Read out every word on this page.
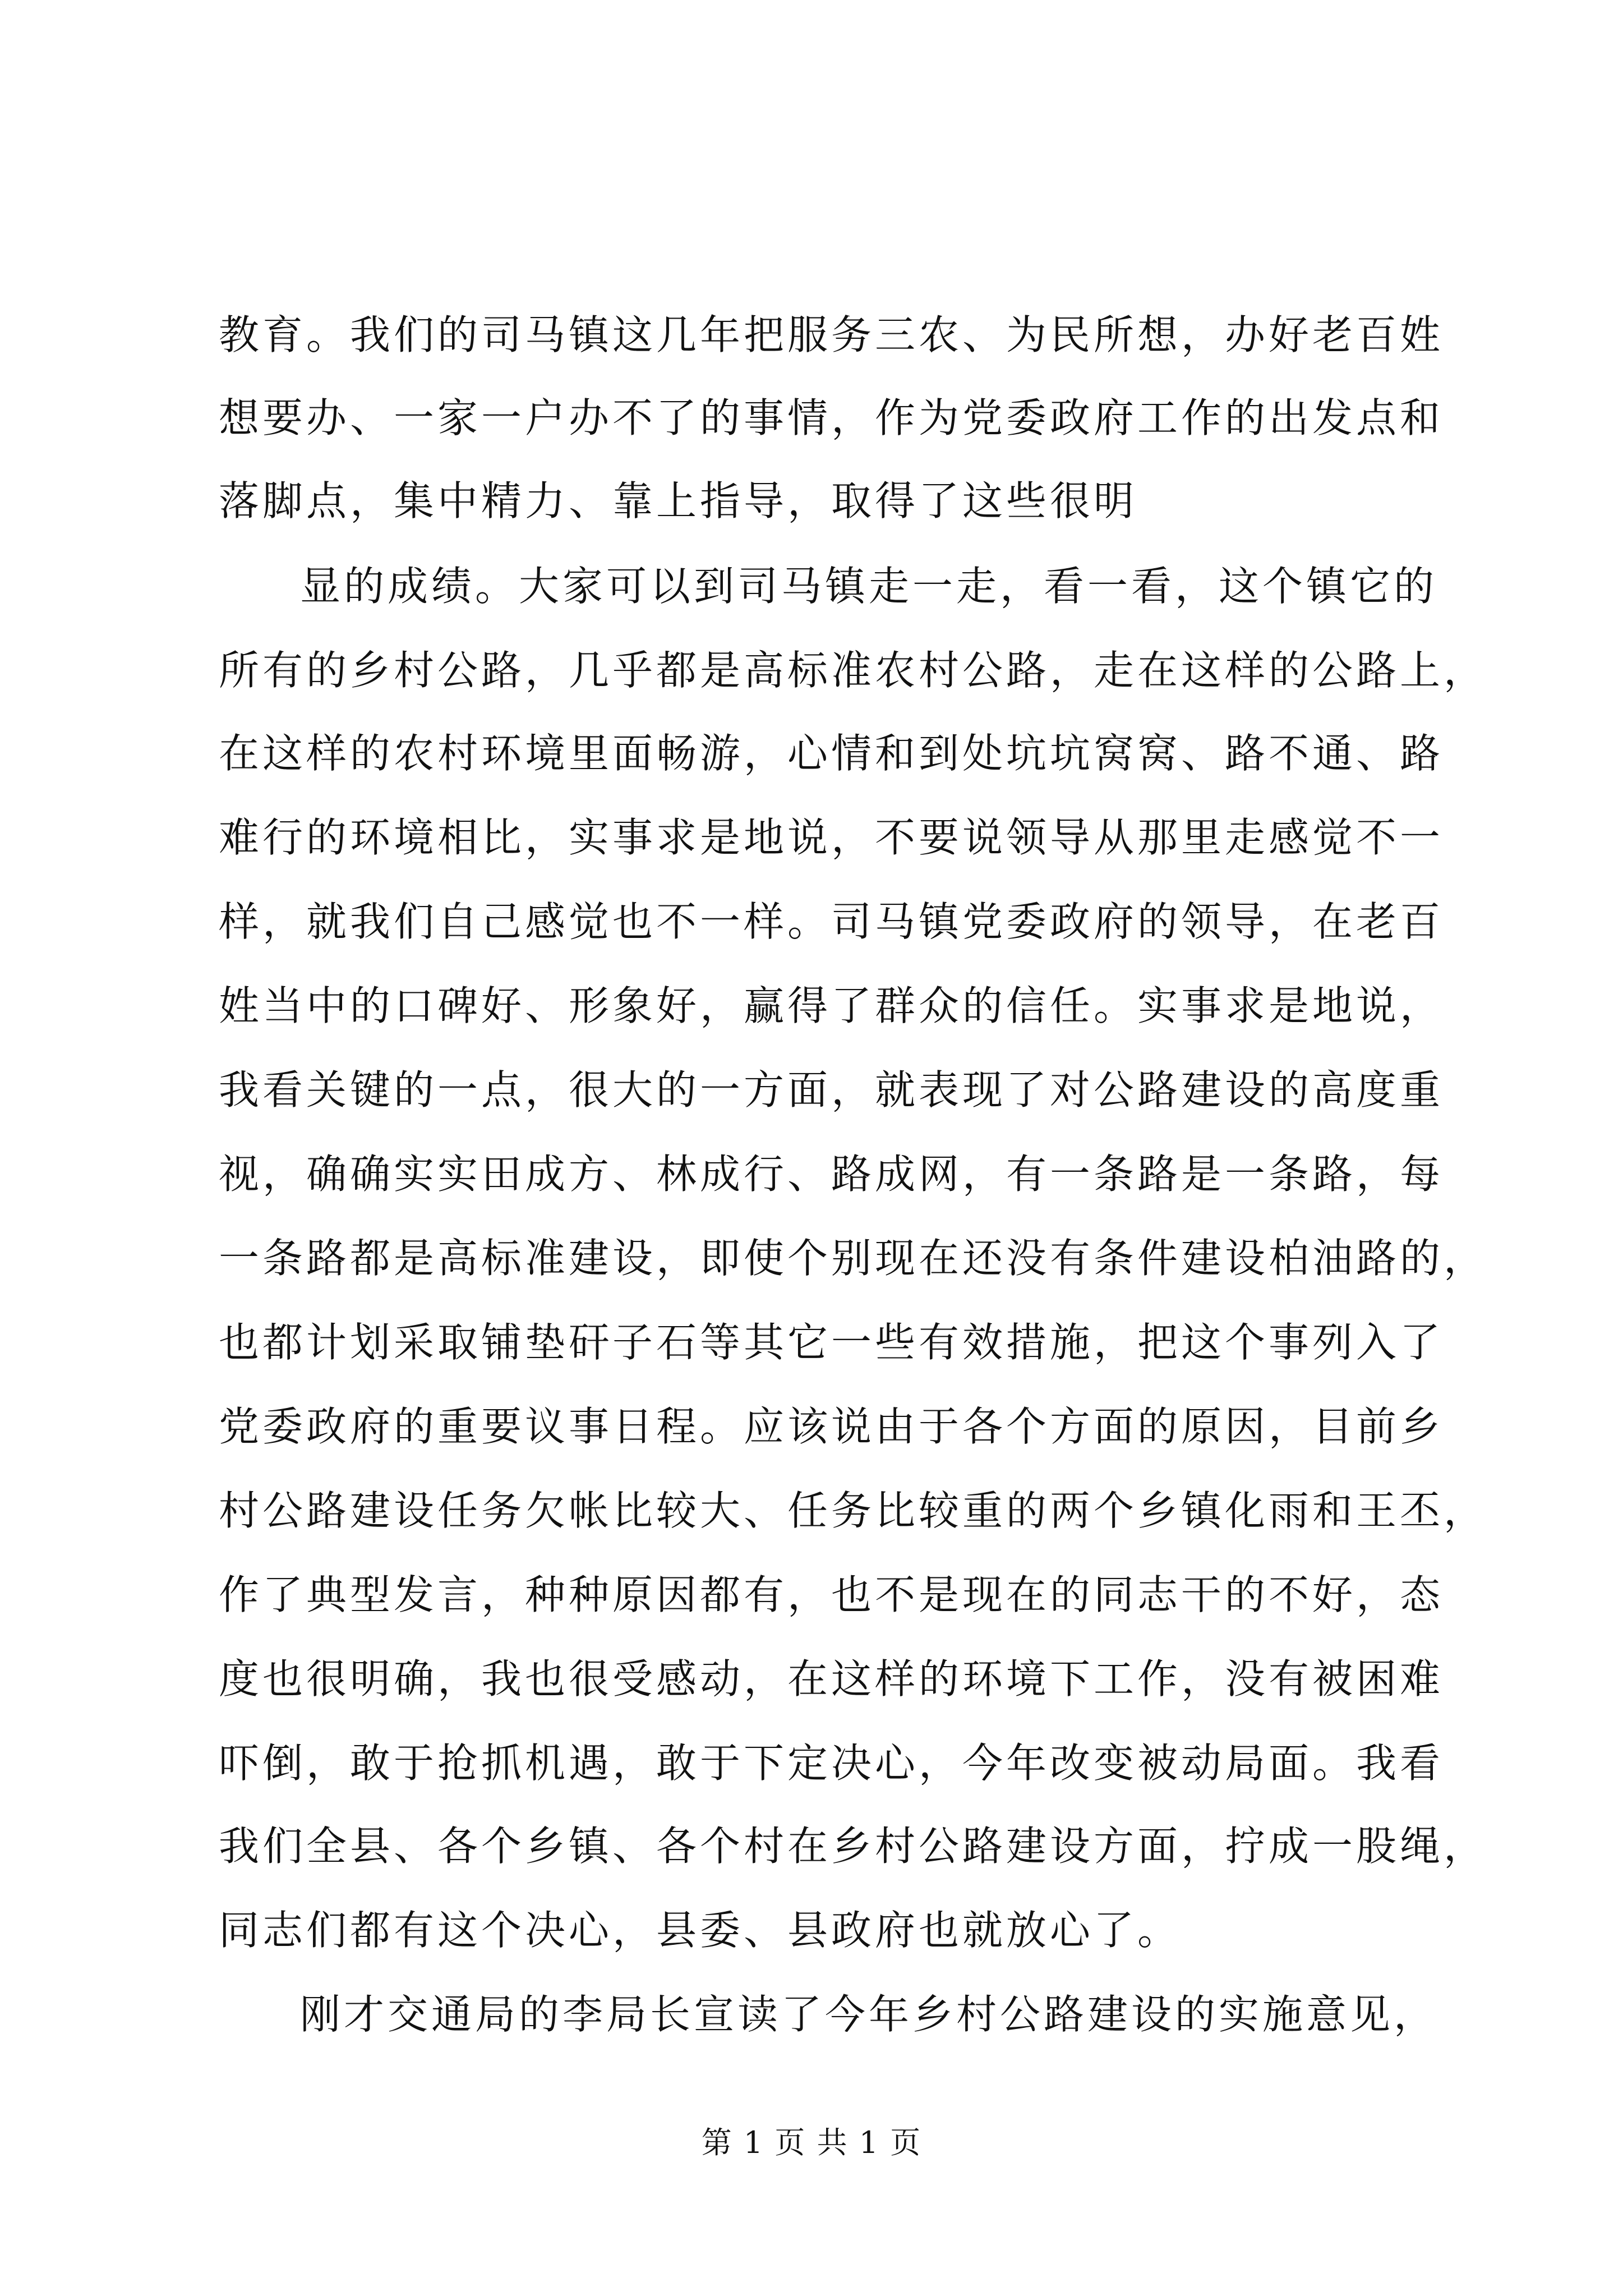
教育。我们的司马镇这几年把服务三农、为民所想，办好老百姓

想要办、一家一户办不了的事情，作为党委政府工作的出发点和

落脚点，集中精力、靠上指导，取得了这些很明

显的成绩。大家可以到司马镇走一走，看一看，这个镇它的

所有的乡村公路，几乎都是高标准农村公路，走在这样的公路上，

在这样的农村环境里面畅游，心情和到处坑坑窝窝、路不通、路

难行的环境相比，实事求是地说，不要说领导从那里走感觉不一

样，就我们自己感觉也不一样。司马镇党委政府的领导，在老百

姓当中的口碑好、形象好，赢得了群众的信任。实事求是地说，

我看关键的一点，很大的一方面，就表现了对公路建设的高度重

视，确确实实田成方、林成行、路成网，有一条路是一条路，每

一条路都是高标准建设，即使个别现在还没有条件建设柏油路的，

也都计划采取铺垫矸子石等其它一些有效措施，把这个事列入了

党委政府的重要议事日程。应该说由于各个方面的原因，目前乡

村公路建设任务欠帐比较大、任务比较重的两个乡镇化雨和王丕，

作了典型发言，种种原因都有，也不是现在的同志干的不好，态

度也很明确，我也很受感动，在这样的环境下工作，没有被困难

吓倒，敢于抢抓机遇，敢于下定决心，今年改变被动局面。我看

我们全县、各个乡镇、各个村在乡村公路建设方面，拧成一股绳，

同志们都有这个决心，县委、县政府也就放心了。

刚才交通局的李局长宣读了今年乡村公路建设的实施意见，

第 1 页 共 1 页
